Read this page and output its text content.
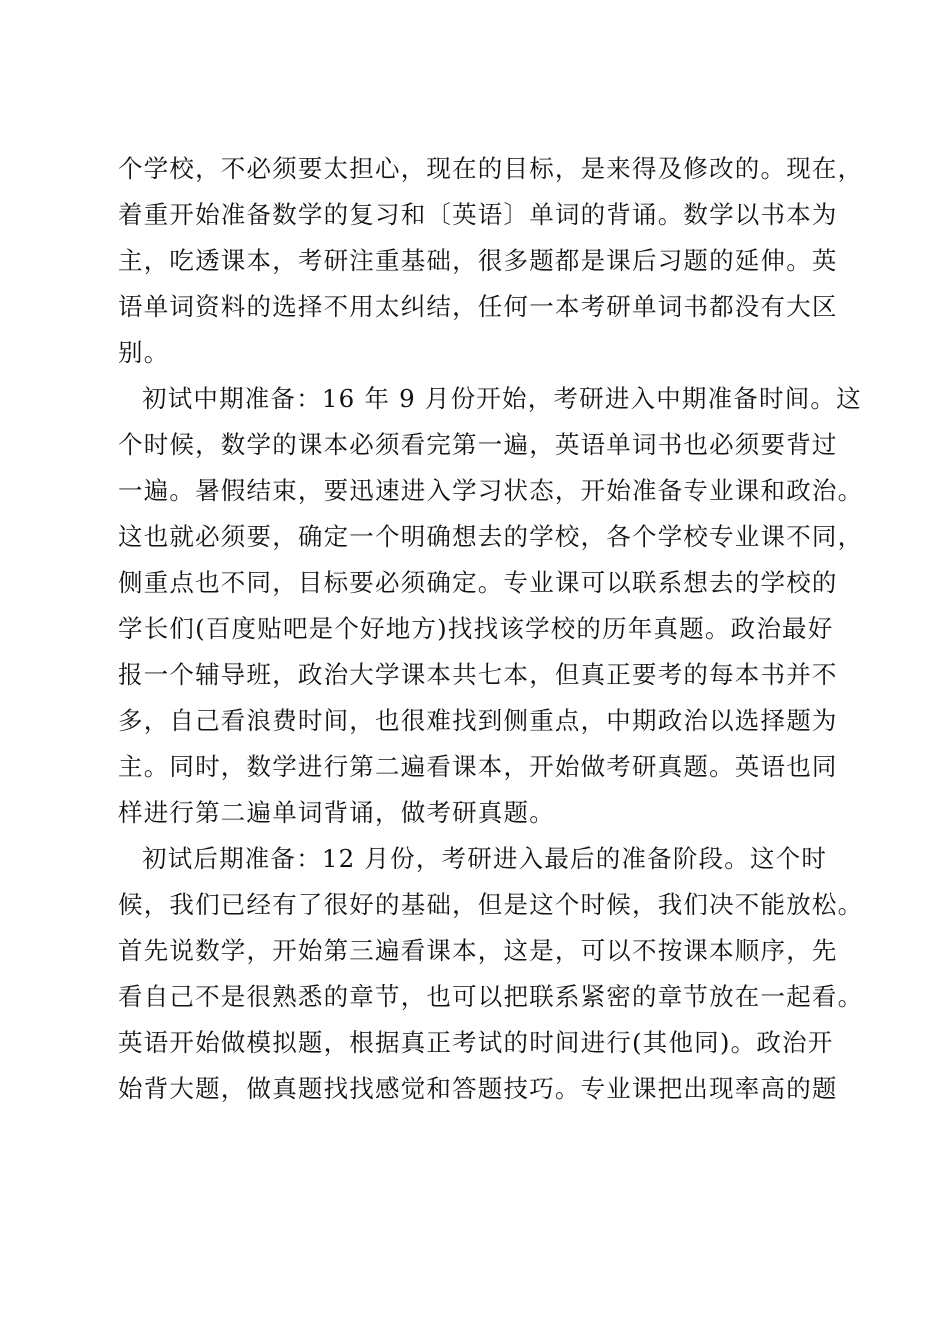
个学校，不必须要太担心，现在的目标，是来得及修改的。现在，
着重开始准备数学的复习和〔英语〕单词的背诵。数学以书本为
主，吃透课本，考研注重基础，很多题都是课后习题的延伸。英
语单词资料的选择不用太纠结，任何一本考研单词书都没有大区
别。
初试中期准备：16 年 9 月份开始，考研进入中期准备时间。这
个时候，数学的课本必须看完第一遍，英语单词书也必须要背过
一遍。暑假结束，要迅速进入学习状态，开始准备专业课和政治。
这也就必须要，确定一个明确想去的学校，各个学校专业课不同，
侧重点也不同，目标要必须确定。专业课可以联系想去的学校的
学长们(百度贴吧是个好地方)找找该学校的历年真题。政治最好
报一个辅导班，政治大学课本共七本，但真正要考的每本书并不
多，自己看浪费时间，也很难找到侧重点，中期政治以选择题为
主。同时，数学进行第二遍看课本，开始做考研真题。英语也同
样进行第二遍单词背诵，做考研真题。
初试后期准备：12 月份，考研进入最后的准备阶段。这个时
候，我们已经有了很好的基础，但是这个时候，我们决不能放松。
首先说数学，开始第三遍看课本，这是，可以不按课本顺序，先
看自己不是很熟悉的章节，也可以把联系紧密的章节放在一起看。
英语开始做模拟题，根据真正考试的时间进行(其他同)。政治开
始背大题，做真题找找感觉和答题技巧。专业课把出现率高的题
